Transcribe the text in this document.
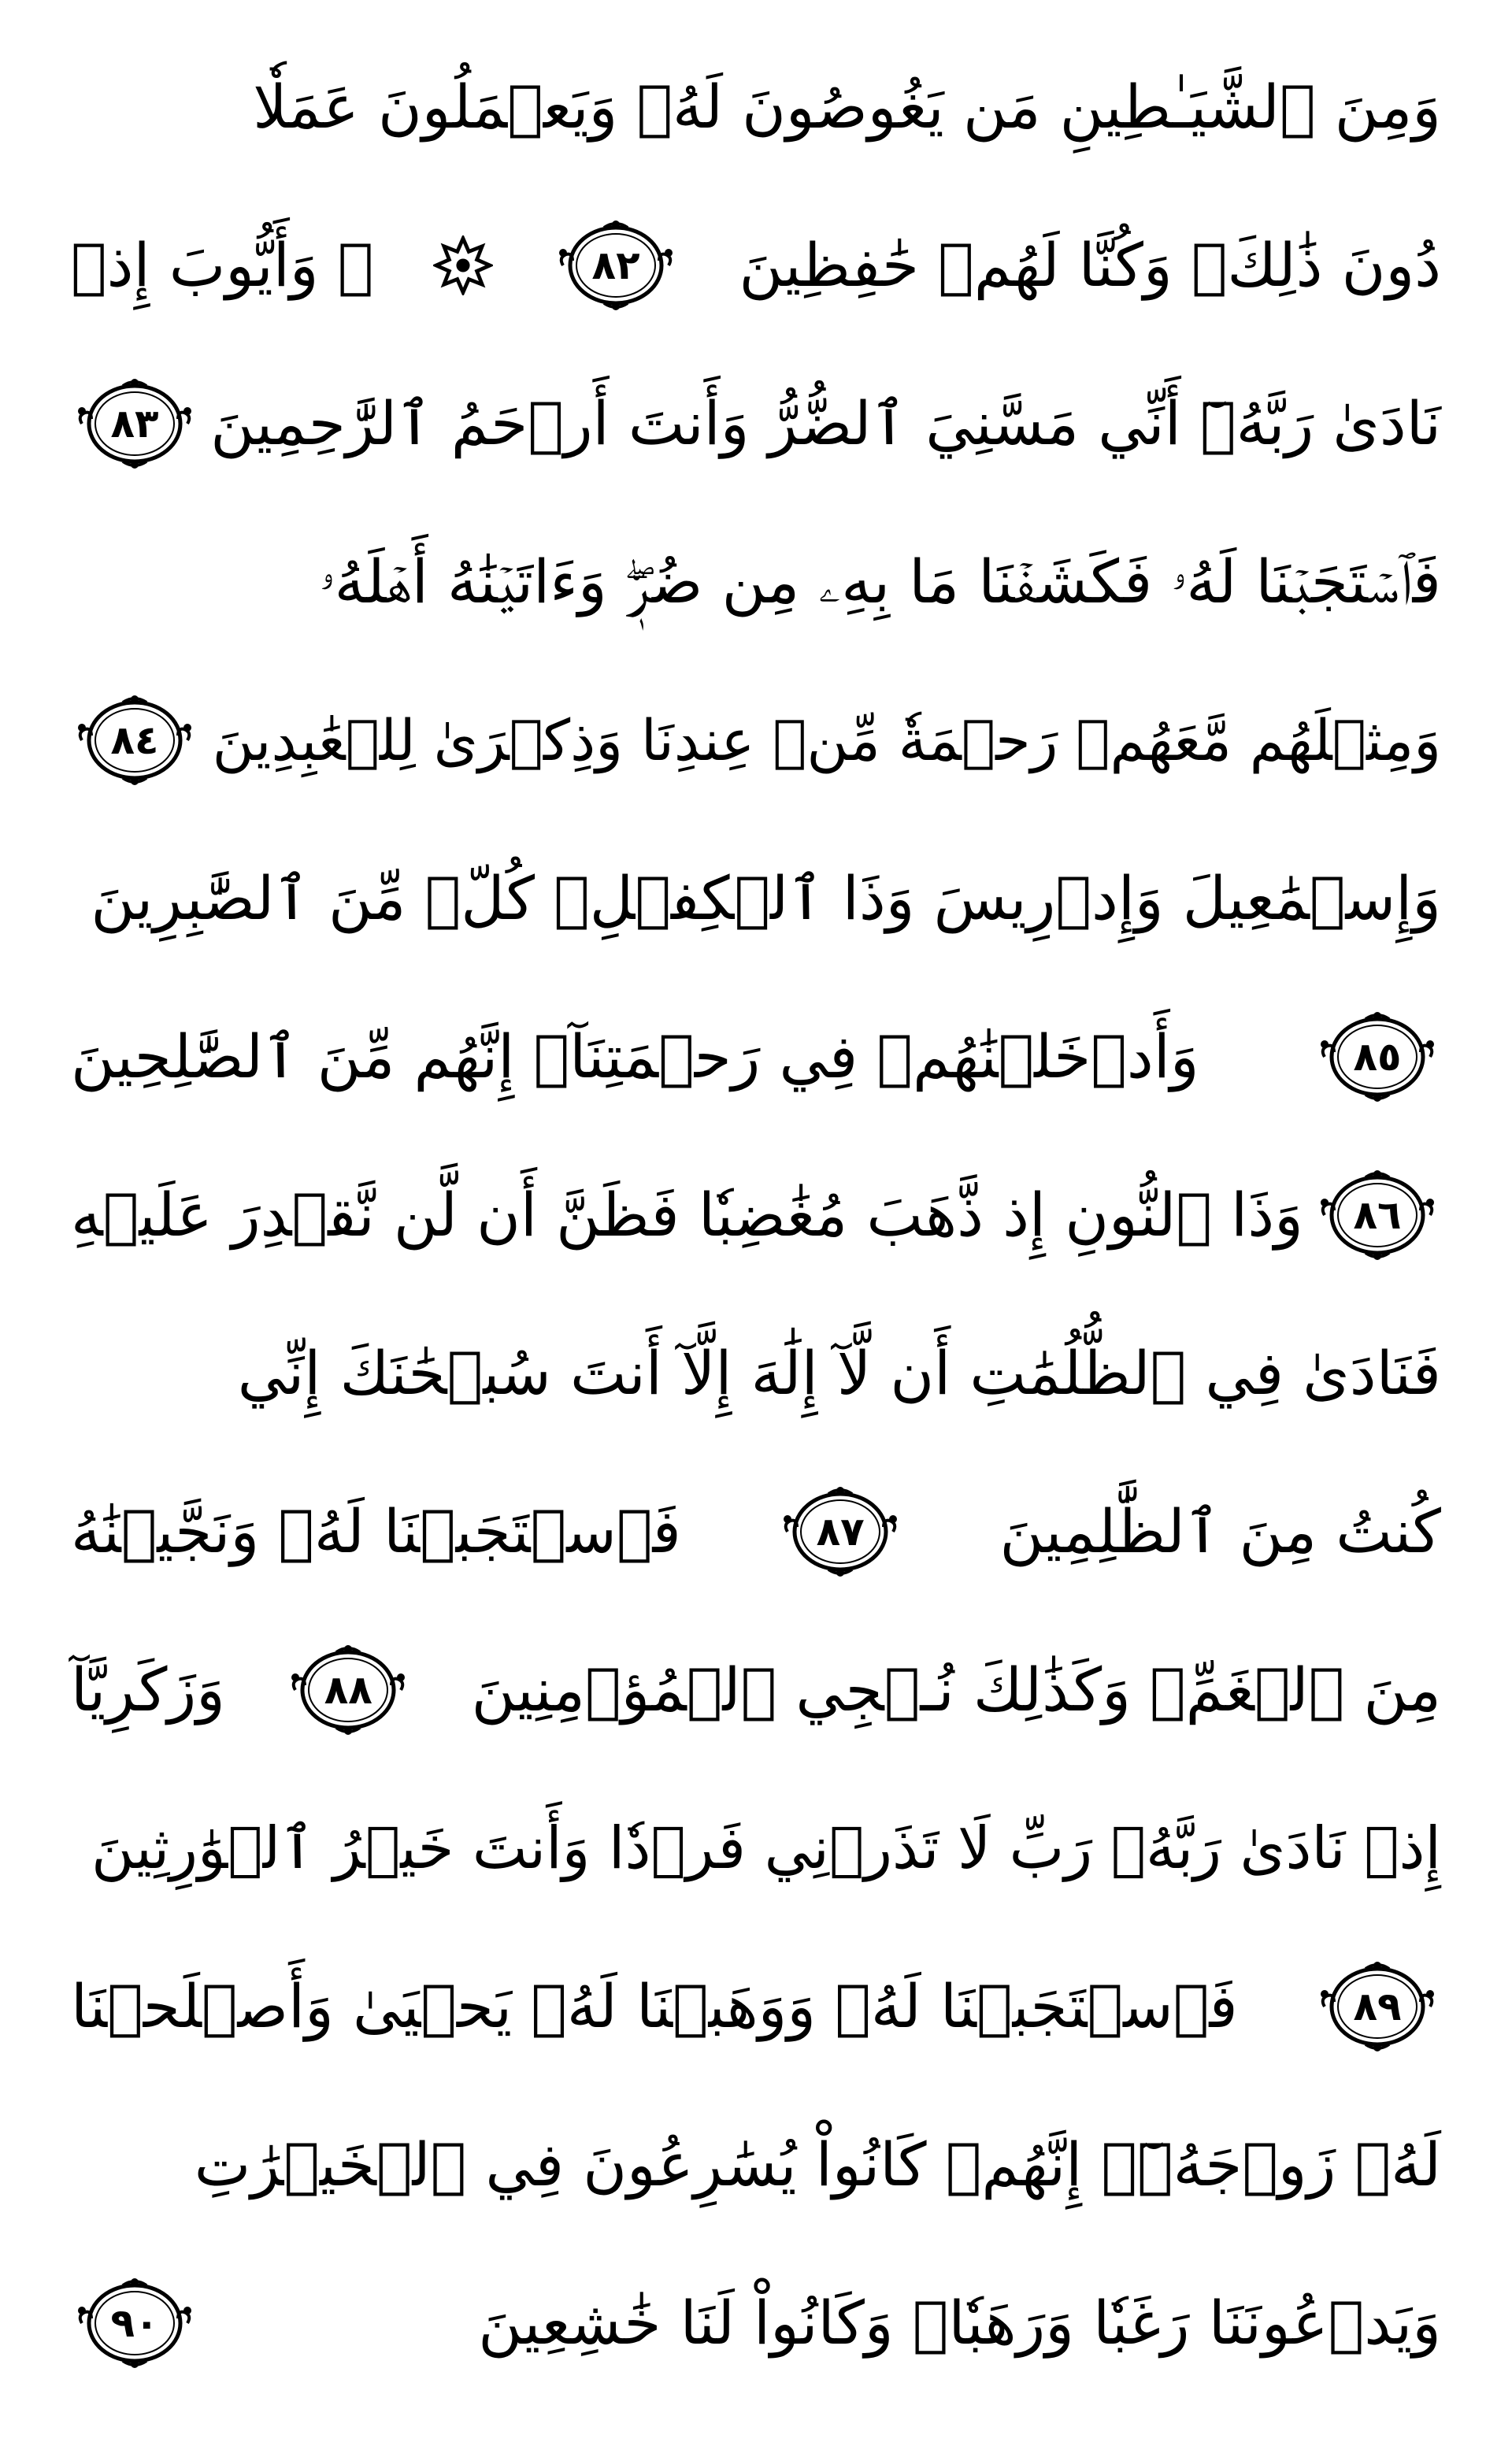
وَمِنَ ٱلشَّيَـٰطِينِ مَن يَغُوصُونَ لَهُۥ وَيَعۡمَلُونَ عَمَلٗا
دُونَ ذَٰلِكَۖ وَكُنَّا لَهُمۡ حَٰفِظِينَ
٨٢
۞ وَأَيُّوبَ إِذۡ
نَادَىٰ رَبَّهُۥٓ أَنِّي مَسَّنِيَ ٱلضُّرُّ وَأَنتَ أَرۡحَمُ ٱلرَّٰحِمِينَ
٨٣
فَٱسۡتَجَبۡنَا لَهُۥ فَكَشَفۡنَا مَا بِهِۦ مِن ضُرّٖۖ وَءَاتَيۡنَٰهُ أَهۡلَهُۥ
وَمِثۡلَهُم مَّعَهُمۡ رَحۡمَةٗ مِّنۡ عِندِنَا وَذِكۡرَىٰ لِلۡعَٰبِدِينَ
٨٤
وَإِسۡمَٰعِيلَ وَإِدۡرِيسَ وَذَا ٱلۡكِفۡلِۖ كُلّٞ مِّنَ ٱلصَّٰبِرِينَ
٨٥
وَأَدۡخَلۡنَٰهُمۡ فِي رَحۡمَتِنَآۖ إِنَّهُم مِّنَ ٱلصَّٰلِحِينَ
٨٦
وَذَا ٱلنُّونِ إِذ ذَّهَبَ مُغَٰضِبٗا فَظَنَّ أَن لَّن نَّقۡدِرَ عَلَيۡهِ
فَنَادَىٰ فِي ٱلظُّلُمَٰتِ أَن لَّآ إِلَٰهَ إِلَّآ أَنتَ سُبۡحَٰنَكَ إِنِّي
كُنتُ مِنَ ٱلظَّٰلِمِينَ
٨٧
فَٱسۡتَجَبۡنَا لَهُۥ وَنَجَّيۡنَٰهُ
مِنَ ٱلۡغَمِّۚ وَكَذَٰلِكَ نُـۨجِي ٱلۡمُؤۡمِنِينَ
٨٨
وَزَكَرِيَّآ
إِذۡ نَادَىٰ رَبَّهُۥ رَبِّ لَا تَذَرۡنِي فَرۡدٗا وَأَنتَ خَيۡرُ ٱلۡوَٰرِثِينَ
٨٩
فَٱسۡتَجَبۡنَا لَهُۥ وَوَهَبۡنَا لَهُۥ يَحۡيَىٰ وَأَصۡلَحۡنَا
لَهُۥ زَوۡجَهُۥٓۚ إِنَّهُمۡ كَانُواْ يُسَٰرِعُونَ فِي ٱلۡخَيۡرَٰتِ
وَيَدۡعُونَنَا رَغَبٗا وَرَهَبٗاۖ وَكَانُواْ لَنَا خَٰشِعِينَ
٩٠
